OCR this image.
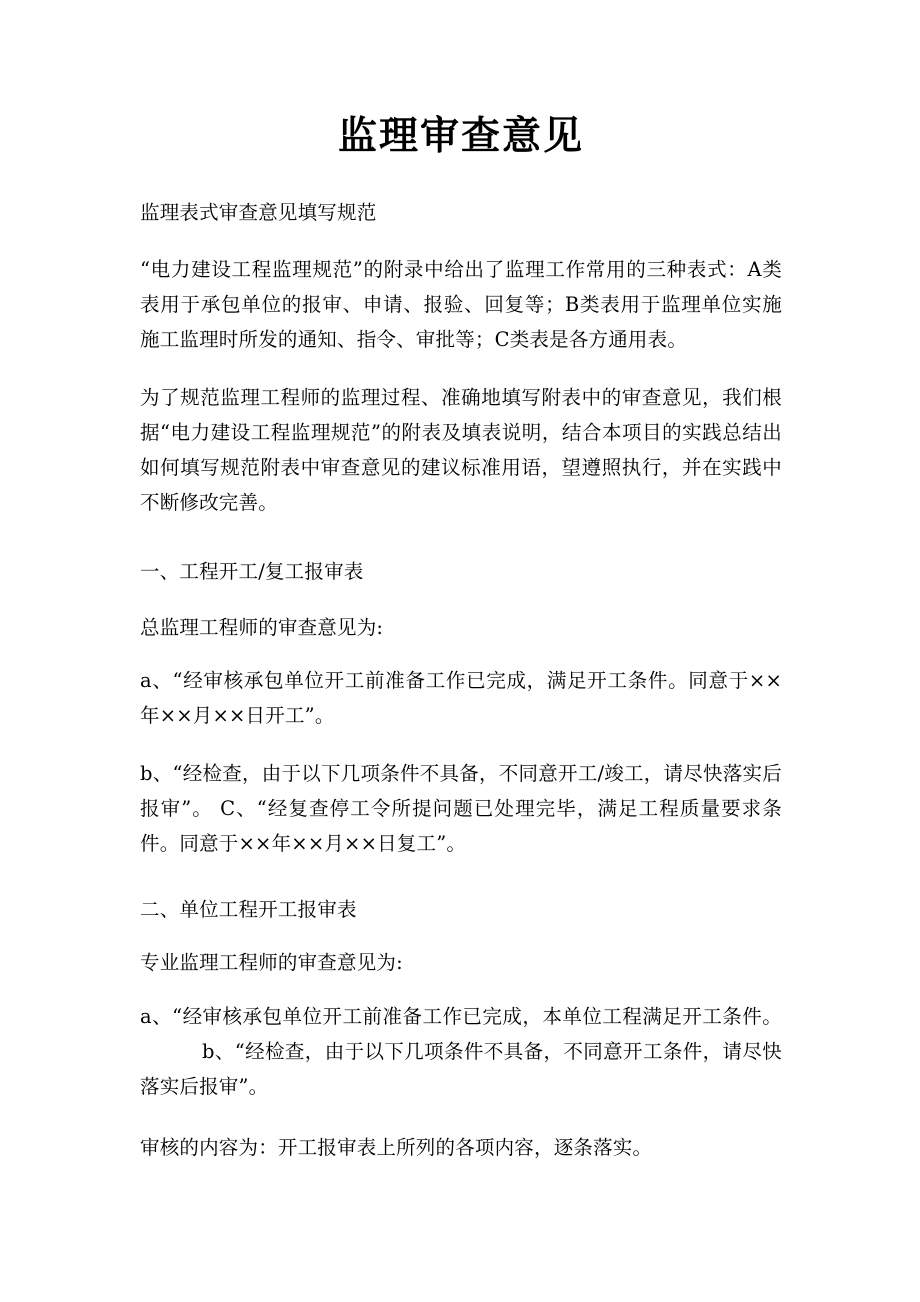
监理审查意见

监理表式审查意见填写规范

“电力建设工程监理规范”的附录中给出了监理工作常用的三种表式：A类表用于承包单位的报审、申请、报验、回复等；B类表用于监理单位实施施工监理时所发的通知、指令、审批等；C类表是各方通用表。

为了规范监理工程师的监理过程、准确地填写附表中的审查意见，我们根据“电力建设工程监理规范”的附表及填表说明，结合本项目的实践总结出如何填写规范附表中审查意见的建议标准用语，望遵照执行，并在实践中不断修改完善。

一、工程开工/复工报审表

总监理工程师的审查意见为:

a、“经审核承包单位开工前准备工作已完成，满足开工条件。同意于××年××月××日开工”。

b、“经检查，由于以下几项条件不具备，不同意开工/竣工，请尽快落实后报审”。 C、“经复查停工令所提问题已处理完毕，满足工程质量要求条件。同意于××年××月××日复工”。

二、单位工程开工报审表

专业监理工程师的审查意见为:

a、“经审核承包单位开工前准备工作已完成，本单位工程满足开工条件。b、“经检查，由于以下几项条件不具备，不同意开工条件，请尽快落实后报审”。

审核的内容为：开工报审表上所列的各项内容，逐条落实。
